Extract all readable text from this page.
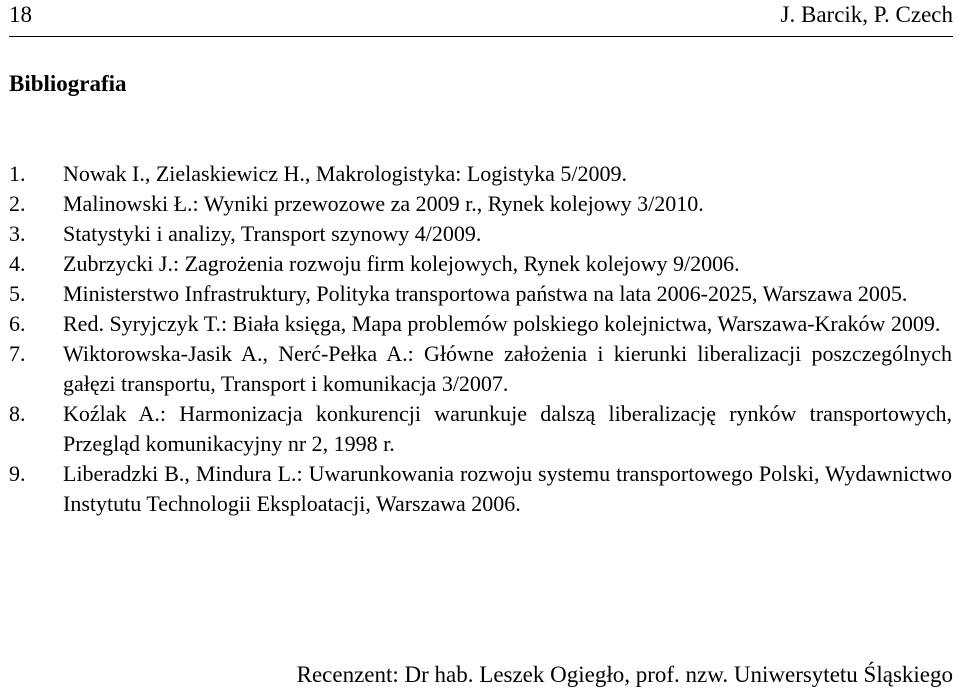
18	J. Barcik, P. Czech
Bibliografia
1.	Nowak I., Zielaskiewicz H., Makrologistyka: Logistyka 5/2009.
2.	Malinowski Ł.: Wyniki przewozowe za 2009 r., Rynek kolejowy 3/2010.
3.	Statystyki i analizy, Transport szynowy 4/2009.
4.	Zubrzycki J.: Zagrożenia rozwoju firm kolejowych, Rynek kolejowy 9/2006.
5.	Ministerstwo Infrastruktury, Polityka transportowa państwa na lata 2006-2025, Warszawa 2005.
6.	Red. Syryjczyk T.: Biała księga, Mapa problemów polskiego kolejnictwa, Warszawa-Kraków 2009.
7.	Wiktorowska-Jasik A., Nerć-Pełka A.: Główne założenia i kierunki liberalizacji poszczególnych gałęzi transportu, Transport i komunikacja 3/2007.
8.	Koźlak A.: Harmonizacja konkurencji warunkuje dalszą liberalizację rynków transportowych, Przegląd komunikacyjny nr 2, 1998 r.
9.	Liberadzki B., Mindura L.: Uwarunkowania rozwoju systemu transportowego Polski, Wydawnictwo Instytutu Technologii Eksploatacji, Warszawa 2006.
Recenzent: Dr hab. Leszek Ogiegło, prof. nzw. Uniwersytetu Śląskiego
